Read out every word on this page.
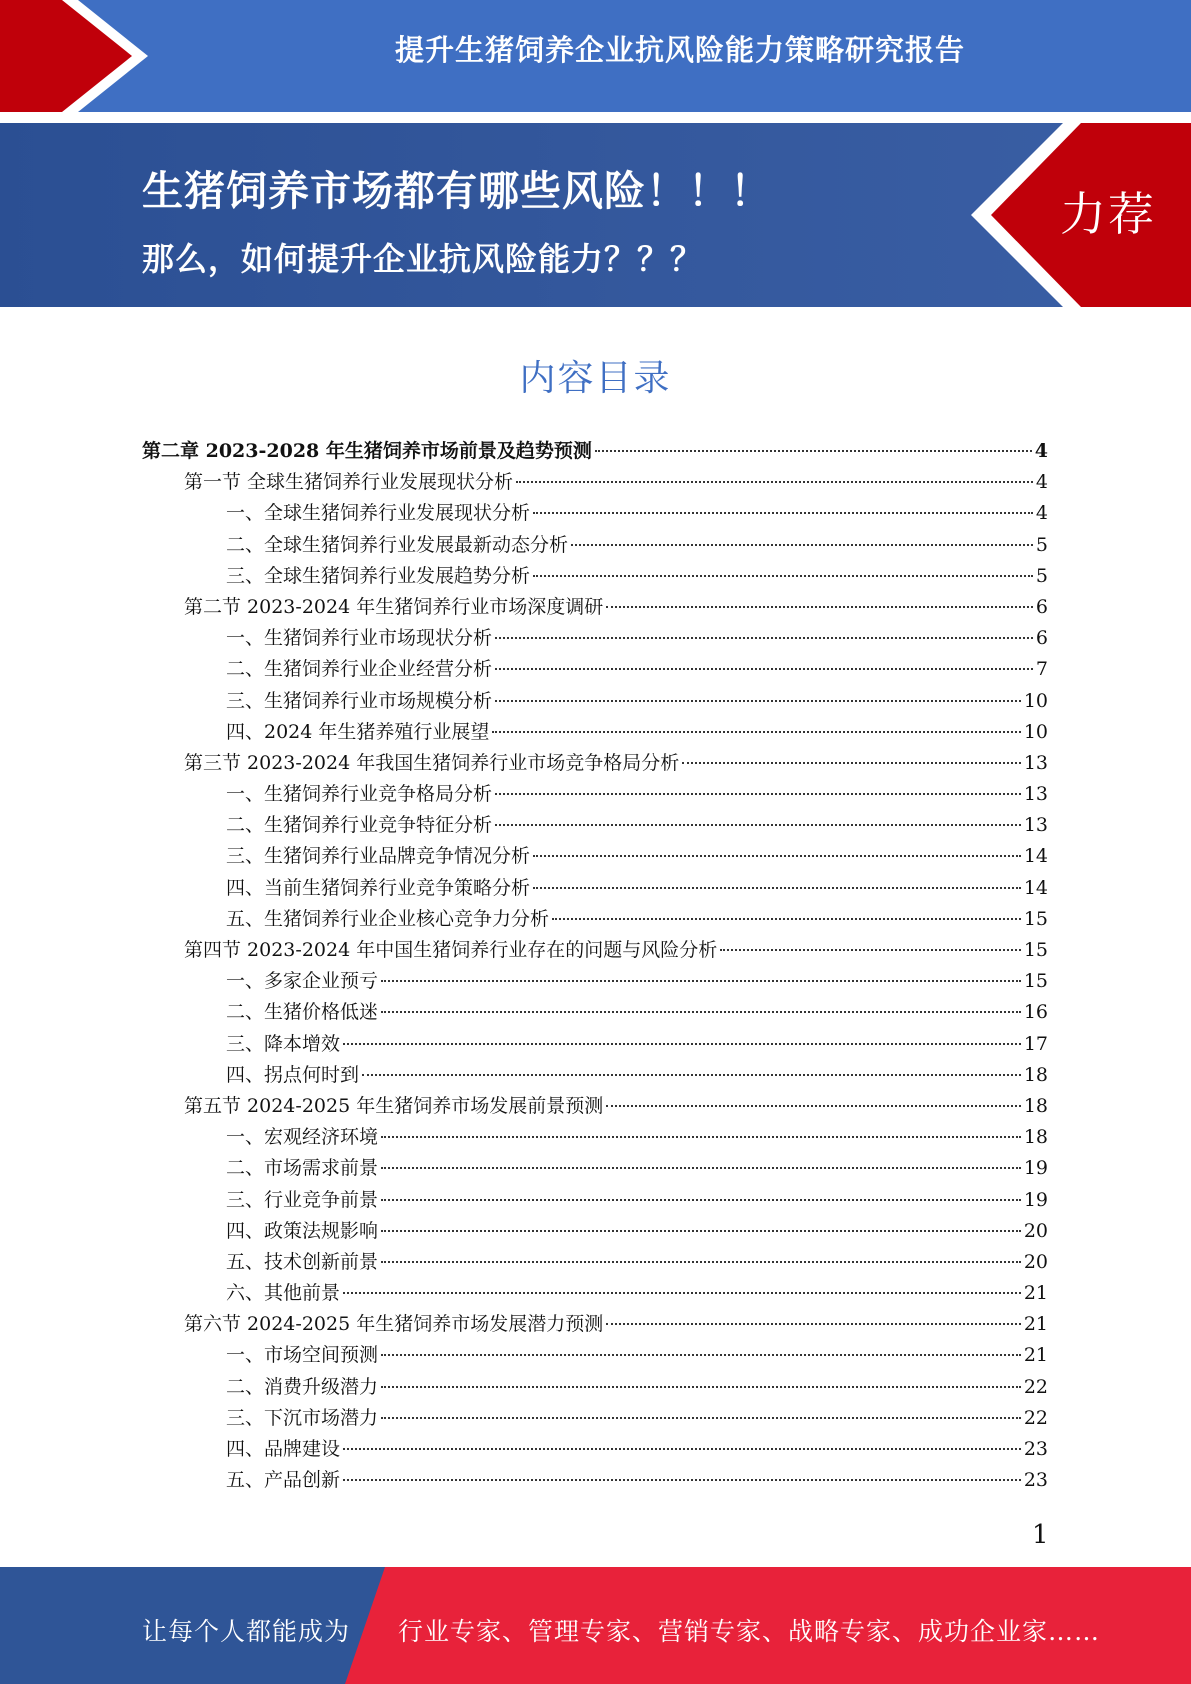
提升生猪饲养企业抗风险能力策略研究报告
生猪饲养市场都有哪些风险！！！
那么，如何提升企业抗风险能力？？？
力荐
内容目录
第二章 2023-2028 年生猪饲养市场前景及趋势预测	4
第一节 全球生猪饲养行业发展现状分析	4
一、全球生猪饲养行业发展现状分析	4
二、全球生猪饲养行业发展最新动态分析	5
三、全球生猪饲养行业发展趋势分析	5
第二节 2023-2024 年生猪饲养行业市场深度调研	6
一、生猪饲养行业市场现状分析	6
二、生猪饲养行业企业经营分析	7
三、生猪饲养行业市场规模分析	10
四、2024 年生猪养殖行业展望	10
第三节 2023-2024 年我国生猪饲养行业市场竞争格局分析	13
一、生猪饲养行业竞争格局分析	13
二、生猪饲养行业竞争特征分析	13
三、生猪饲养行业品牌竞争情况分析	14
四、当前生猪饲养行业竞争策略分析	14
五、生猪饲养行业企业核心竞争力分析	15
第四节 2023-2024 年中国生猪饲养行业存在的问题与风险分析	15
一、多家企业预亏	15
二、生猪价格低迷	16
三、降本增效	17
四、拐点何时到	18
第五节 2024-2025 年生猪饲养市场发展前景预测	18
一、宏观经济环境	18
二、市场需求前景	19
三、行业竞争前景	19
四、政策法规影响	20
五、技术创新前景	20
六、其他前景	21
第六节 2024-2025 年生猪饲养市场发展潜力预测	21
一、市场空间预测	21
二、消费升级潜力	22
三、下沉市场潜力	22
四、品牌建设	23
五、产品创新	23
1
让每个人都能成为 行业专家、管理专家、营销专家、战略专家、成功企业家……
